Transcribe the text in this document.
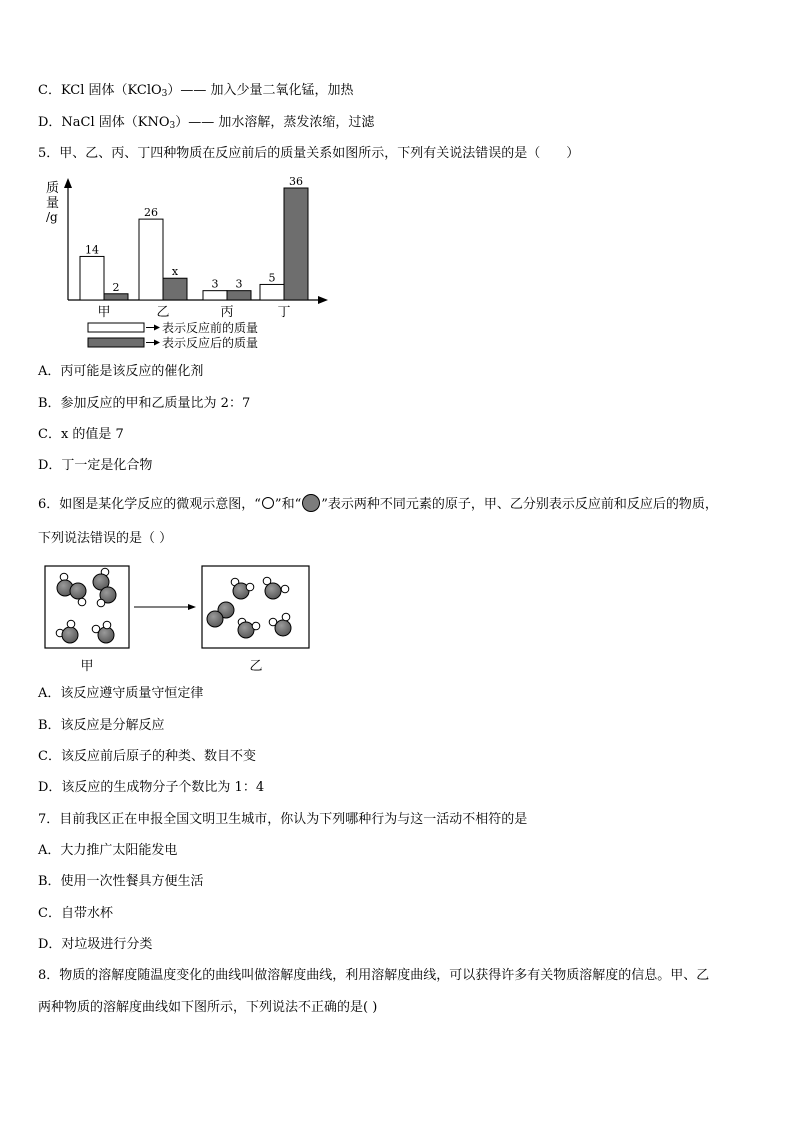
C．KCl 固体（KClO$_3$）—— 加入少量二氧化锰，加热
D．NaCl 固体$(KNO_3)——$ 加水溶解，蒸发浓缩，过滤
5．甲、乙、丙、丁四种物质在反应前后的质量关系如图所示，下列有关说法错误的是（　　）
质
量
/g
14
2
26
x
3 3 5
36
甲	乙	丙	丁
表示反应前的质量
表示反应后的质量
A．丙可能是该反应的催化剂
B．参加反应的甲和乙质量比为 2：7
C．x 的值是 7
D．丁一定是化合物
6．如图是某化学反应的微观示意图，“ ”和“ ”表示两种不同元素的原子，甲、乙分别表示反应前和反应后的物质，
下列说法错误的是（ ）
甲	乙
A．该反应遵守质量守恒定律
B．该反应是分解反应
C．该反应前后原子的种类、数目不变
D．该反应的生成物分子个数比为 1：4
7．目前我区正在申报全国文明卫生城市，你认为下列哪种行为与这一活动不相符的是
A．大力推广太阳能发电
B．使用一次性餐具方便生活
C．自带水杯
D．对垃圾进行分类
8．物质的溶解度随温度变化的曲线叫做溶解度曲线，利用溶解度曲线，可以获得许多有关物质溶解度的信息。甲、乙
两种物质的溶解度曲线如下图所示，下列说法不正确的是( )
